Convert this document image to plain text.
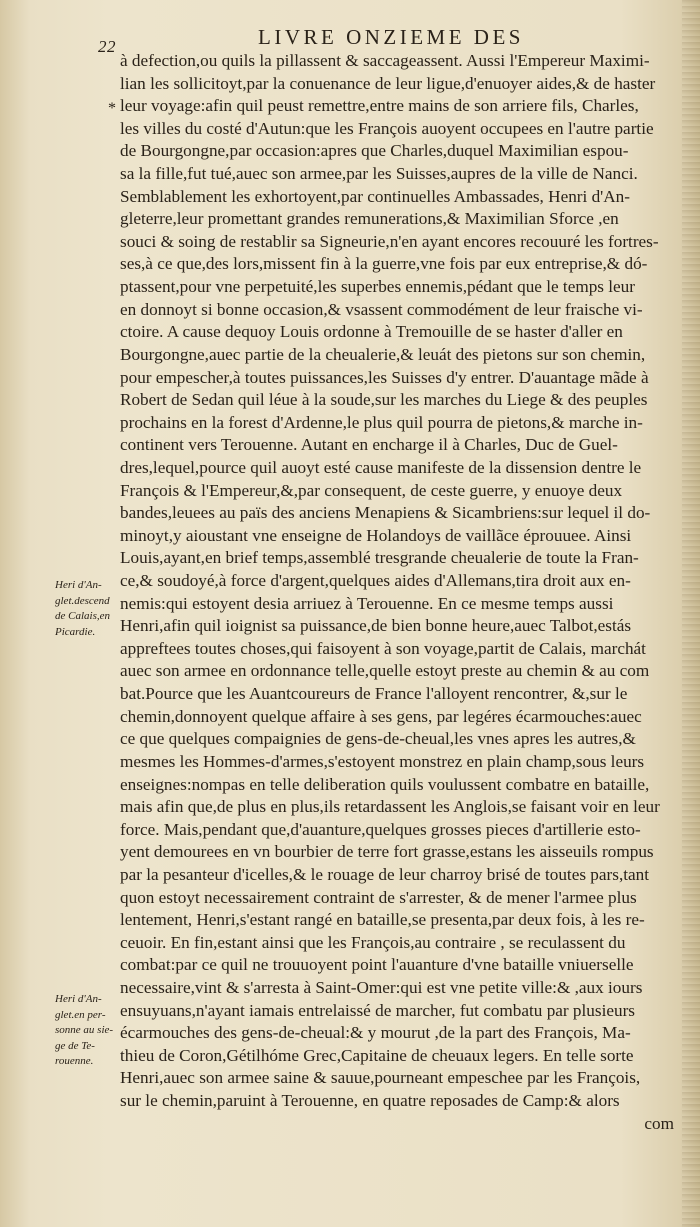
22	LIVRE ONZIEME DES
*
Heri d'An-
glet.descend
de Calais,en
Picardie.
Heri d'An-
glet.en per-
sonne au sie-
ge de Te-
rouenne.
à defection,ou quils la pillassent & saccageassent. Aussi l'Empereur Maximi-
lian les sollicitoyt,par la conuenance de leur ligue,d'enuoyer aides,& de haster
leur voyage:afin quil peust remettre,entre mains de son arriere fils, Charles,
les villes du costé d'Autun:que les François auoyent occupees en l'autre partie
de Bourgongne,par occasion:apres que Charles,duquel Maximilian espou-
sa la fille,fut tué,auec son armee,par les Suisses,aupres de la ville de Nanci.
Semblablement les exhortoyent,par continuelles Ambassades, Henri d'An-
gleterre,leur promettant grandes remunerations,& Maximilian Sforce ,en
souci & soing de restablir sa Signeurie,n'en ayant encores recouuré les fortres-
ses,à ce que,des lors,missent fin à la guerre,vne fois par eux entreprise,& dó-
ptassent,pour vne perpetuité,les superbes ennemis,pédant que le temps leur
en donnoyt si bonne occasion,& vsassent commodément de leur fraische vi-
ctoire. A cause dequoy Louis ordonne à Tremouille de se haster d'aller en
Bourgongne,auec partie de la cheualerie,& leuát des pietons sur son chemin,
pour empescher,à toutes puissances,les Suisses d'y entrer. D'auantage mãde à
Robert de Sedan quil léue à la soude,sur les marches du Liege & des peuples
prochains en la forest d'Ardenne,le plus quil pourra de pietons,& marche in-
continent vers Terouenne. Autant en encharge il à Charles, Duc de Guel-
dres,lequel,pource quil auoyt esté cause manifeste de la dissension dentre le
François & l'Empereur,&,par consequent, de ceste guerre, y enuoye deux
bandes,leuees au païs des anciens Menapiens & Sicambriens:sur lequel il do-
minoyt,y aioustant vne enseigne de Holandoys de vaillãce éprouuee. Ainsi
Louis,ayant,en brief temps,assemblé tresgrande cheualerie de toute la Fran-
ce,& soudoyé,à force d'argent,quelques aides d'Allemans,tira droit aux en-
nemis:qui estoyent desia arriuez à Terouenne. En ce mesme temps aussi
Henri,afin quil ioignist sa puissance,de bien bonne heure,auec Talbot,estás
appreftees toutes choses,qui faisoyent à son voyage,partit de Calais, marchát
auec son armee en ordonnance telle,quelle estoyt preste au chemin & au com
bat.Pource que les Auantcoureurs de France l'alloyent rencontrer, &,sur le
chemin,donnoyent quelque affaire à ses gens, par legéres écarmouches:auec
ce que quelques compaignies de gens-de-cheual,les vnes apres les autres,&
mesmes les Hommes-d'armes,s'estoyent monstrez en plain champ,sous leurs
enseignes:nompas en telle deliberation quils voulussent combatre en bataille,
mais afin que,de plus en plus,ils retardassent les Anglois,se faisant voir en leur
force. Mais,pendant que,d'auanture,quelques grosses pieces d'artillerie esto-
yent demourees en vn bourbier de terre fort grasse,estans les aisseuils rompus
par la pesanteur d'icelles,& le rouage de leur charroy brisé de toutes pars,tant
quon estoyt necessairement contraint de s'arrester, & de mener l'armee plus
lentement, Henri,s'estant rangé en bataille,se presenta,par deux fois, à les re-
ceuoir. En fin,estant ainsi que les François,au contraire , se reculassent du
combat:par ce quil ne trouuoyent point l'auanture d'vne bataille vniuerselle
necessaire,vint & s'arresta à Saint-Omer:qui est vne petite ville:& ,aux iours
ensuyuans,n'ayant iamais entrelaissé de marcher, fut combatu par plusieurs
écarmouches des gens-de-cheual:& y mourut ,de la part des François, Ma-
thieu de Coron,Gétilhóme Grec,Capitaine de cheuaux legers. En telle sorte
Henri,auec son armee saine & sauue,pourneant empeschee par les François,
sur le chemin,paruint à Terouenne, en quatre reposades de Camp:& alors
com
